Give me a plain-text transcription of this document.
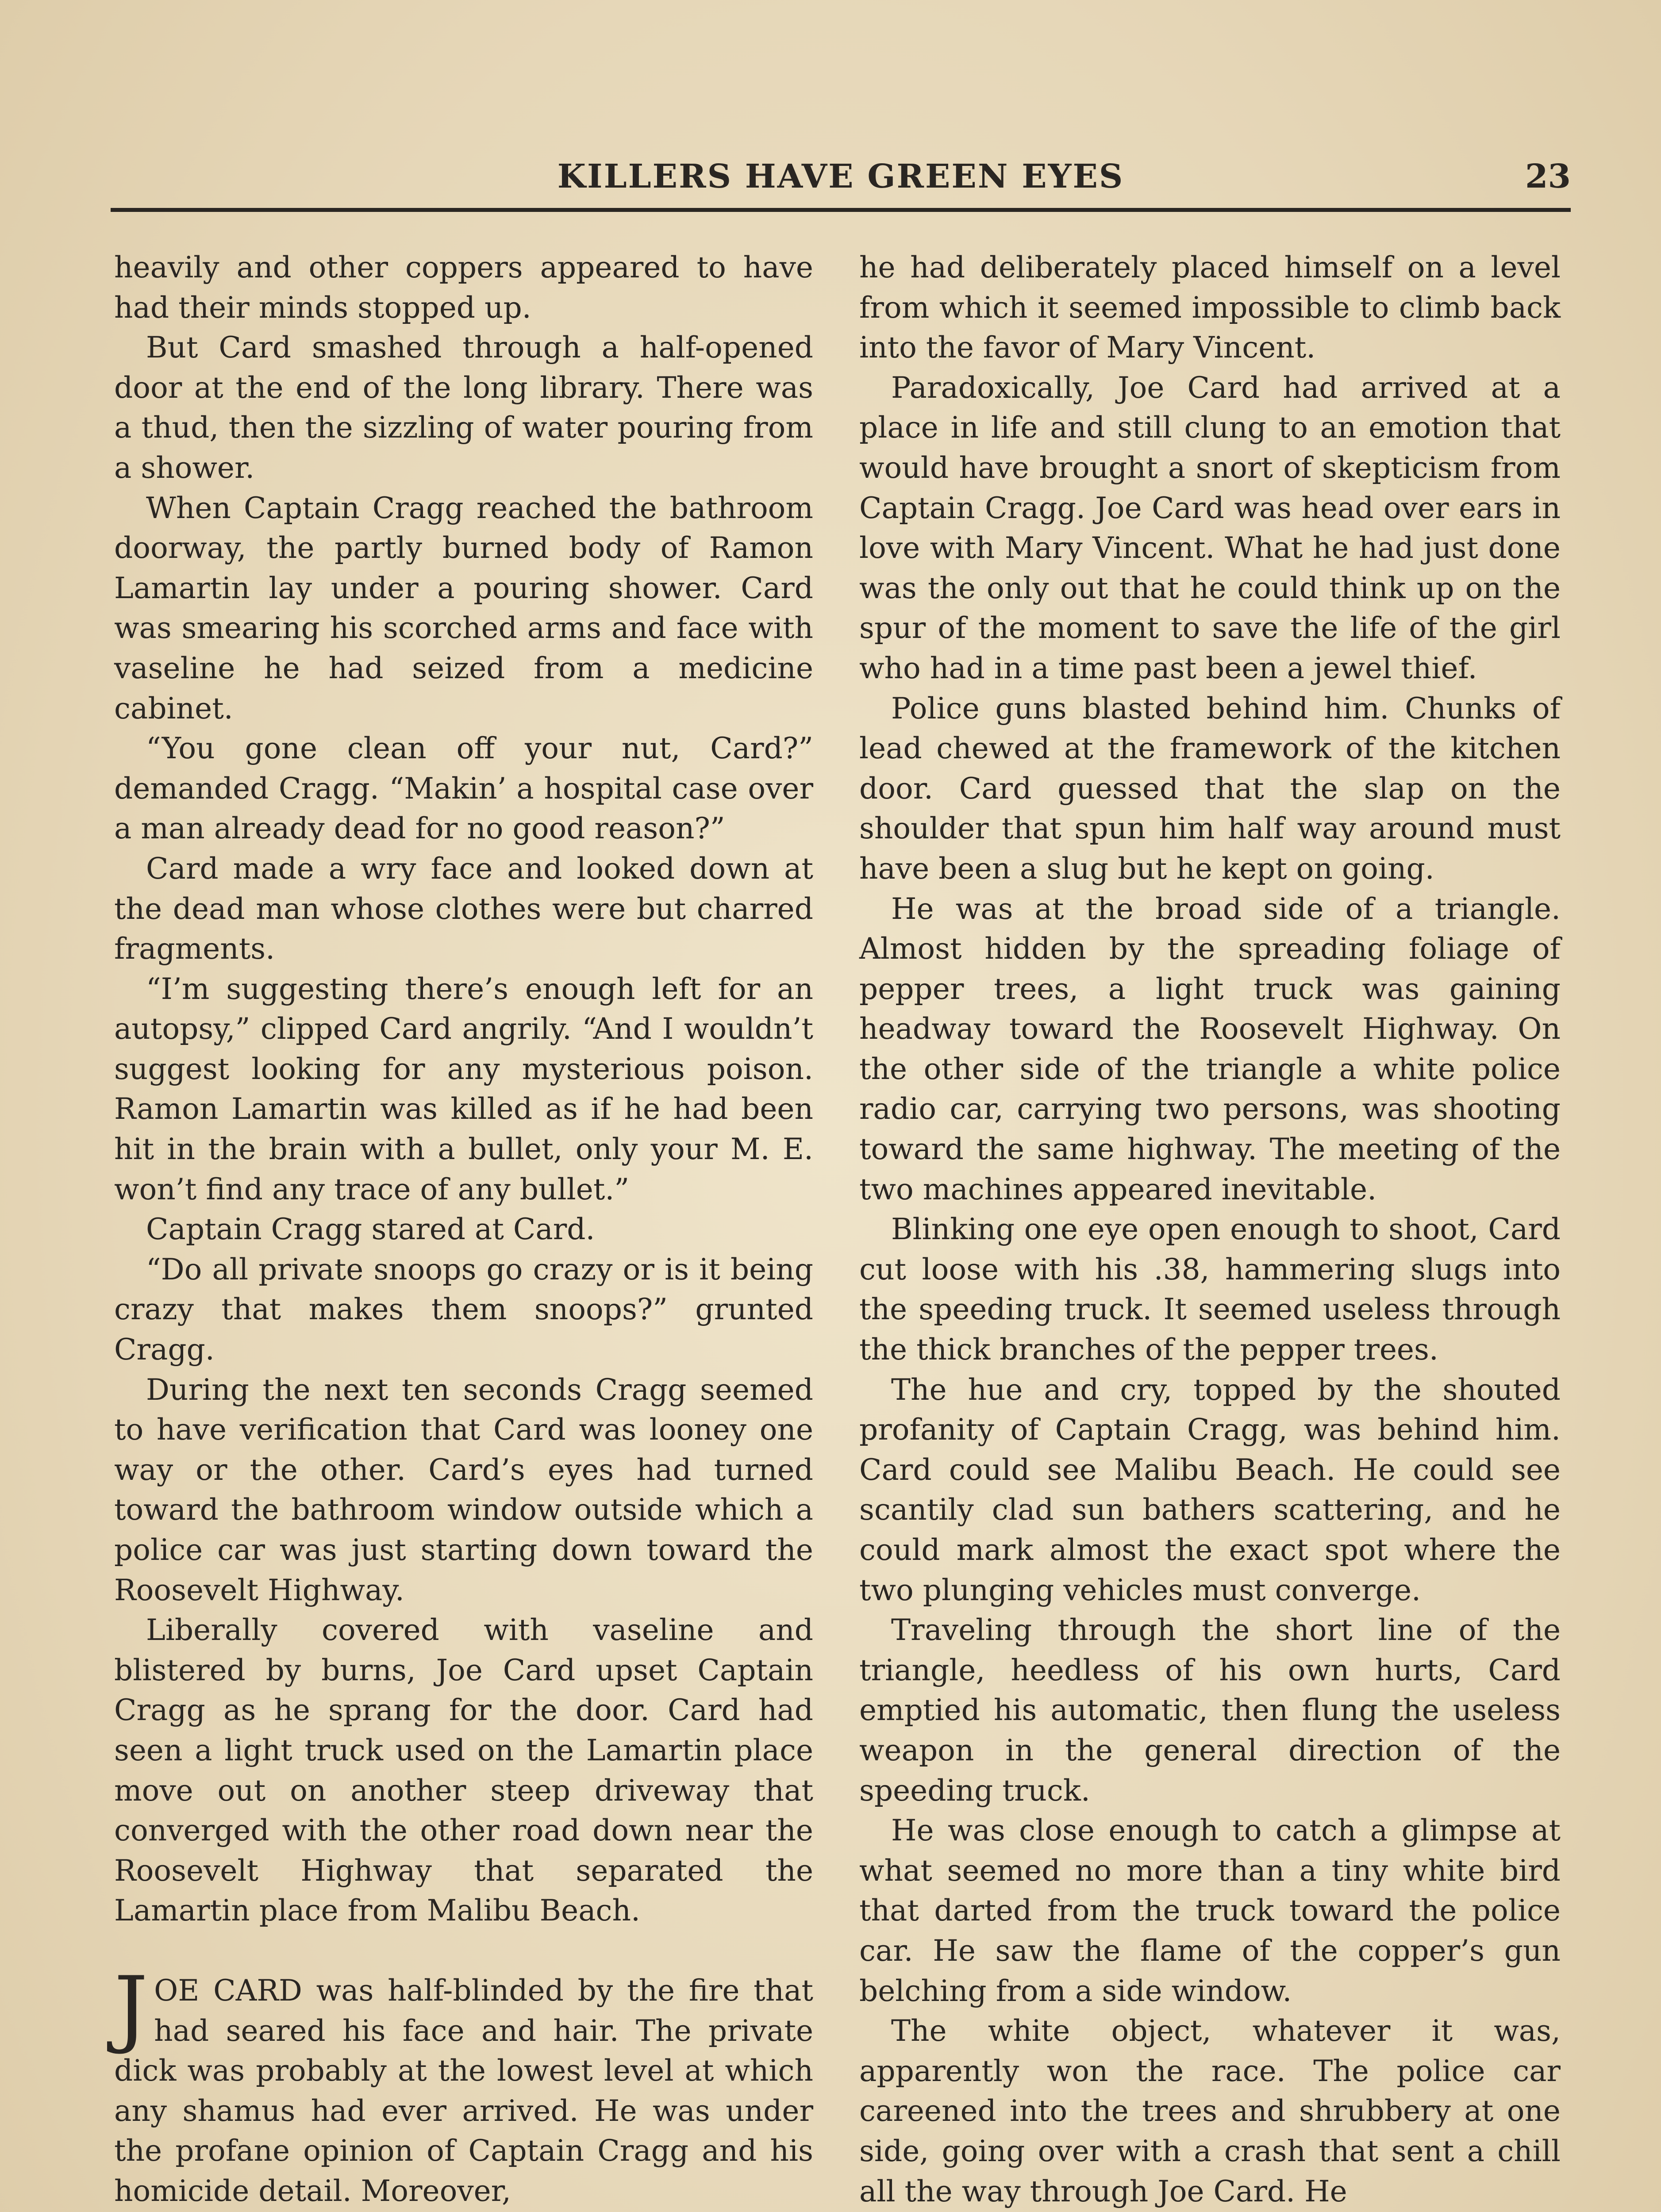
KILLERS HAVE GREEN EYES	23

heavily and other coppers appeared to have had their minds stopped up.

But Card smashed through a half-opened door at the end of the long library. There was a thud, then the sizzling of water pouring from a shower.

When Captain Cragg reached the bathroom doorway, the partly burned body of Ramon Lamartin lay under a pouring shower. Card was smearing his scorched arms and face with vaseline he had seized from a medicine cabinet.

“You gone clean off your nut, Card?” demanded Cragg. “Makin’ a hospital case over a man already dead for no good reason?”

Card made a wry face and looked down at the dead man whose clothes were but charred fragments.

“I’m suggesting there’s enough left for an autopsy,” clipped Card angrily. “And I wouldn’t suggest looking for any mysterious poison. Ramon Lamartin was killed as if he had been hit in the brain with a bullet, only your M. E. won’t find any trace of any bullet.”

Captain Cragg stared at Card.

“Do all private snoops go crazy or is it being crazy that makes them snoops?” grunted Cragg.

During the next ten seconds Cragg seemed to have verification that Card was looney one way or the other. Card’s eyes had turned toward the bathroom window outside which a police car was just starting down toward the Roosevelt Highway.

Liberally covered with vaseline and blistered by burns, Joe Card upset Captain Cragg as he sprang for the door. Card had seen a light truck used on the Lamartin place move out on another steep driveway that converged with the other road down near the Roosevelt Highway that separated the Lamartin place from Malibu Beach.

JOE CARD was half-blinded by the fire that had seared his face and hair. The private dick was probably at the lowest level at which any shamus had ever arrived. He was under the profane opinion of Captain Cragg and his homicide detail. Moreover,

he had deliberately placed himself on a level from which it seemed impossible to climb back into the favor of Mary Vincent.

Paradoxically, Joe Card had arrived at a place in life and still clung to an emotion that would have brought a snort of skepticism from Captain Cragg. Joe Card was head over ears in love with Mary Vincent. What he had just done was the only out that he could think up on the spur of the moment to save the life of the girl who had in a time past been a jewel thief.

Police guns blasted behind him. Chunks of lead chewed at the framework of the kitchen door. Card guessed that the slap on the shoulder that spun him half way around must have been a slug but he kept on going.

He was at the broad side of a triangle. Almost hidden by the spreading foliage of pepper trees, a light truck was gaining headway toward the Roosevelt Highway. On the other side of the triangle a white police radio car, carrying two persons, was shooting toward the same highway. The meeting of the two machines appeared inevitable.

Blinking one eye open enough to shoot, Card cut loose with his .38, hammering slugs into the speeding truck. It seemed useless through the thick branches of the pepper trees.

The hue and cry, topped by the shouted profanity of Captain Cragg, was behind him. Card could see Malibu Beach. He could see scantily clad sun bathers scattering, and he could mark almost the exact spot where the two plunging vehicles must converge.

Traveling through the short line of the triangle, heedless of his own hurts, Card emptied his automatic, then flung the useless weapon in the general direction of the speeding truck.

He was close enough to catch a glimpse at what seemed no more than a tiny white bird that darted from the truck toward the police car. He saw the flame of the copper’s gun belching from a side window.

The white object, whatever it was, apparently won the race. The police car careened into the trees and shrubbery at one side, going over with a crash that sent a chill all the way through Joe Card. He
